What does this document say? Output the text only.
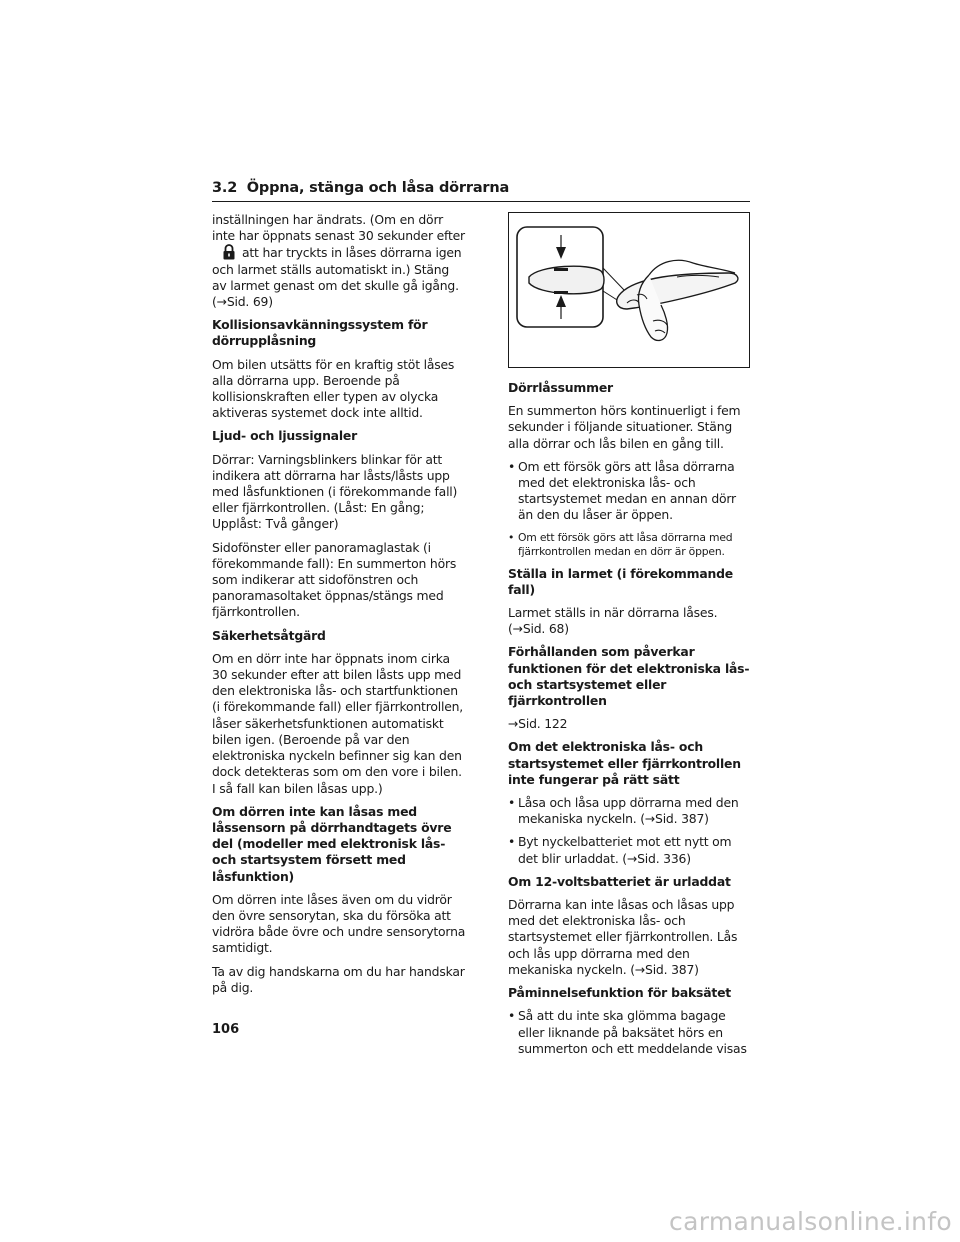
3.2 Öppna, stänga och låsa dörrarna

inställningen har ändrats. (Om en dörr inte har öppnats senast 30 sekunder efteratt har tryckts in låses dörrarna igen och larmet ställs automatiskt in.) Stäng av larmet genast om det skulle gå igång. (→Sid. 69)

Kollisionsavkänningssystem för dörrupplåsning

Om bilen utsätts för en kraftig stöt låses alla dörrarna upp. Beroende på kollisionskraften eller typen av olycka aktiveras systemet dock inte alltid.

Ljud- och ljussignaler

Dörrar: Varningsblinkers blinkar för att indikera att dörrarna har låsts/låsts upp med låsfunktionen (i förekommande fall) eller fjärrkontrollen. (Låst: En gång; Upplåst: Två gånger)

Sidofönster eller panoramaglastak (i förekommande fall): En summerton hörs som indikerar att sidofönstren och panoramasoltaket öppnas/stängs med fjärrkontrollen.

Säkerhetsåtgärd

Om en dörr inte har öppnats inom cirka 30 sekunder efter att bilen låsts upp med den elektroniska lås- och startfunktionen (i förekommande fall) eller fjärrkontrollen, låser säkerhetsfunktionen automatiskt bilen igen. (Beroende på var den elektroniska nyckeln befinner sig kan den dock detekteras som om den vore i bilen. I så fall kan bilen låsas upp.)

Om dörren inte kan låsas med låssensorn på dörrhandtagets övre del (modeller med elektronisk lås- och startsystem försett med låsfunktion)

Om dörren inte låses även om du vidrör den övre sensorytan, ska du försöka att vidröra både övre och undre sensorytorna samtidigt.

Ta av dig handskarna om du har handskar på dig.

Dörrlåssummer

En summerton hörs kontinuerligt i fem sekunder i följande situationer. Stäng alla dörrar och lås bilen en gång till.

• Om ett försök görs att låsa dörrarna med det elektroniska lås- och startsystemet medan en annan dörr än den du låser är öppen.
• Om ett försök görs att låsa dörrarna med fjärrkontrollen medan en dörr är öppen.

Ställa in larmet (i förekommande fall)

Larmet ställs in när dörrarna låses. (→Sid. 68)

Förhållanden som påverkar funktionen för det elektroniska lås- och startsystemet eller fjärrkontrollen

→Sid. 122

Om det elektroniska lås- och startsystemet eller fjärrkontrollen inte fungerar på rätt sätt

• Låsa och låsa upp dörrarna med den mekaniska nyckeln. (→Sid. 387)
• Byt nyckelbatteriet mot ett nytt om det blir urladdat. (→Sid. 336)

Om 12-voltsbatteriet är urladdat

Dörrarna kan inte låsas och låsas upp med det elektroniska lås- och startsystemet eller fjärrkontrollen. Lås och lås upp dörrarna med den mekaniska nyckeln. (→Sid. 387)

Påminnelsefunktion för baksätet

• Så att du inte ska glömma bagage eller liknande på baksätet hörs en summerton och ett meddelande visas
106
carmanualsonline.info
